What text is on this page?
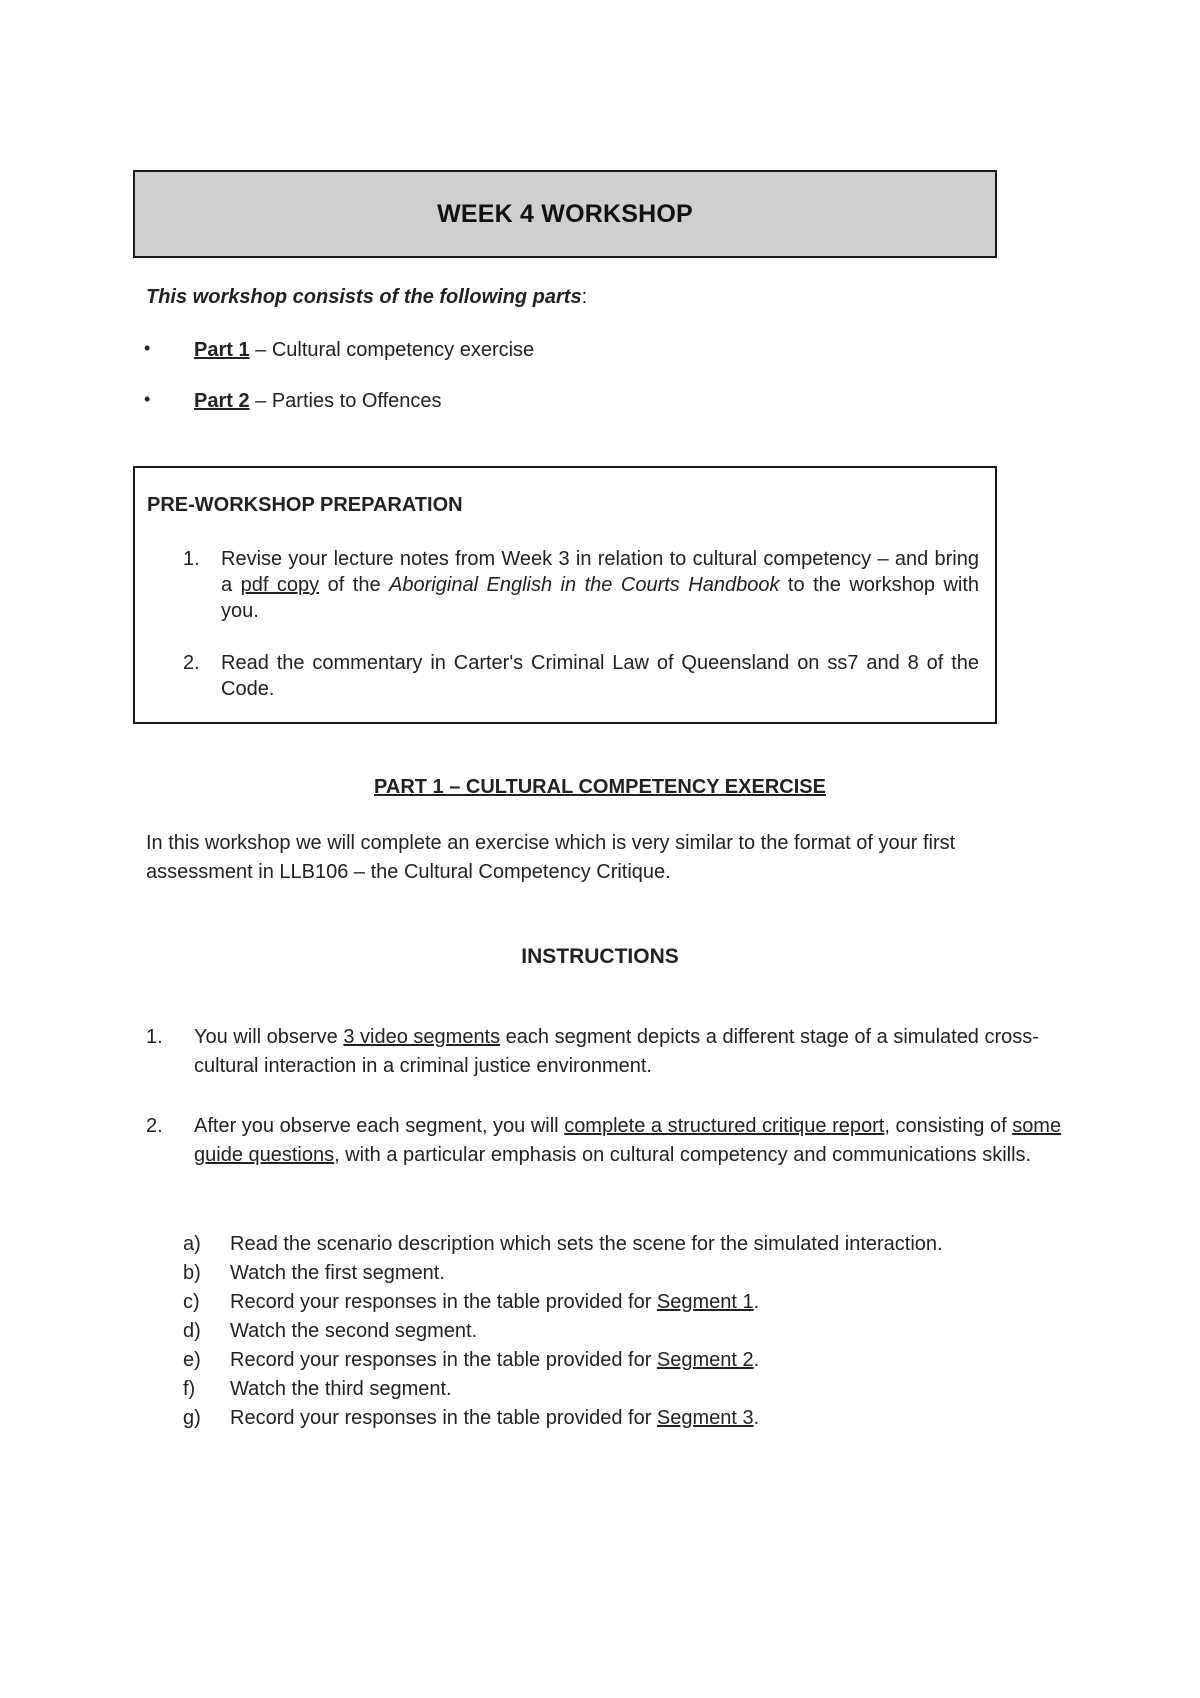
WEEK 4 WORKSHOP
This workshop consists of the following parts:
• Part 1 – Cultural competency exercise
• Part 2 – Parties to Offences
PRE-WORKSHOP PREPARATION
1. Revise your lecture notes from Week 3 in relation to cultural competency – and bring a pdf copy of the Aboriginal English in the Courts Handbook to the workshop with you.
2. Read the commentary in Carter's Criminal Law of Queensland on ss7 and 8 of the Code.
PART 1 – CULTURAL COMPETENCY EXERCISE
In this workshop we will complete an exercise which is very similar to the format of your first assessment in LLB106 – the Cultural Competency Critique.
INSTRUCTIONS
1. You will observe 3 video segments each segment depicts a different stage of a simulated cross-cultural interaction in a criminal justice environment.
2. After you observe each segment, you will complete a structured critique report, consisting of some guide questions, with a particular emphasis on cultural competency and communications skills.
a) Read the scenario description which sets the scene for the simulated interaction.
b) Watch the first segment.
c) Record your responses in the table provided for Segment 1.
d) Watch the second segment.
e) Record your responses in the table provided for Segment 2.
f) Watch the third segment.
g) Record your responses in the table provided for Segment 3.
